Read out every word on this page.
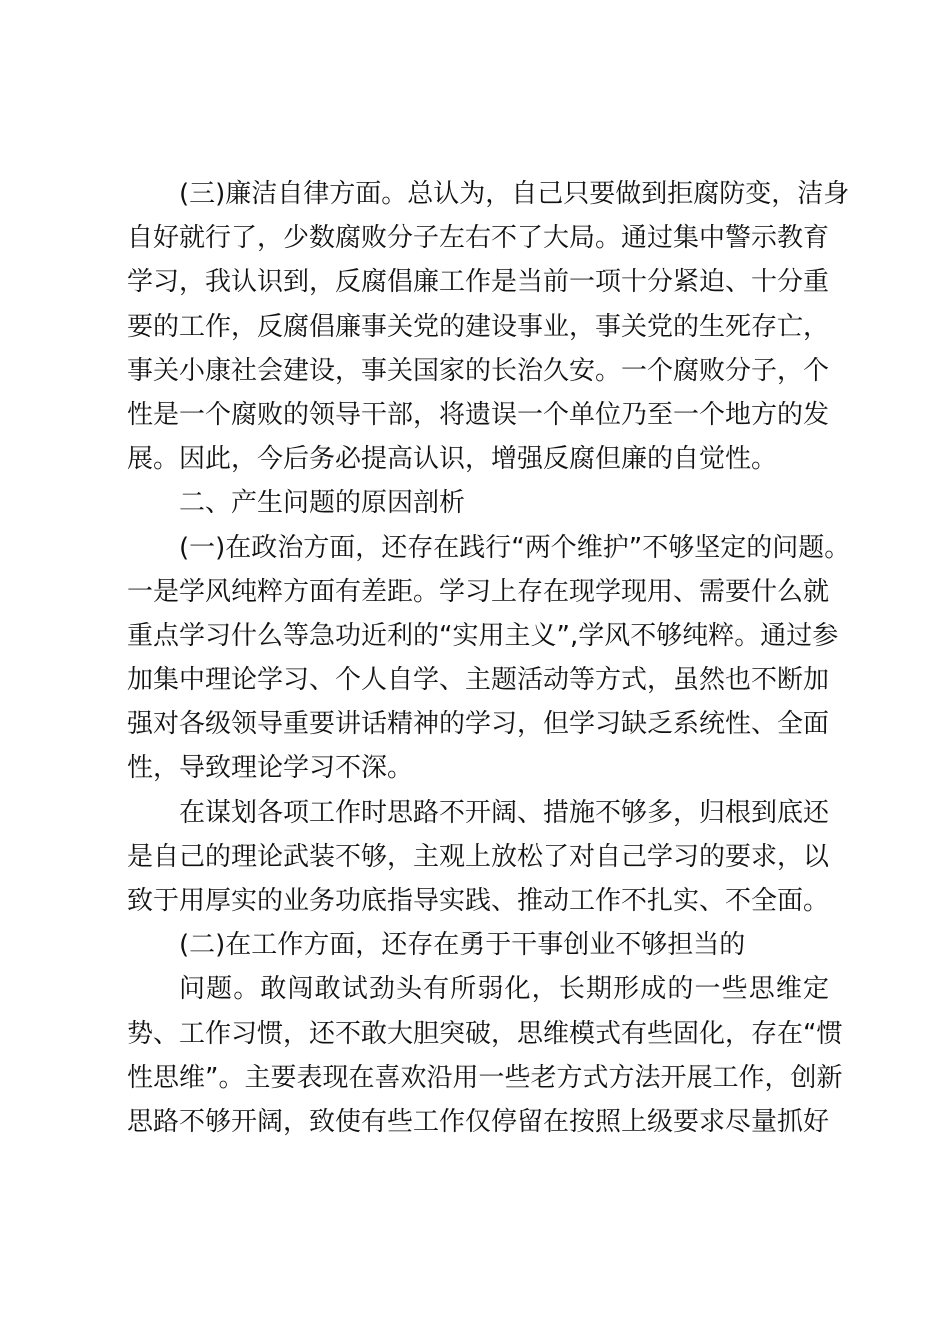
(三)廉洁自律方面。总认为，自己只要做到拒腐防变，洁身
自好就行了，少数腐败分子左右不了大局。通过集中警示教育
学习，我认识到，反腐倡廉工作是当前一项十分紧迫、十分重
要的工作，反腐倡廉事关党的建设事业，事关党的生死存亡，
事关小康社会建设，事关国家的长治久安。一个腐败分子，个
性是一个腐败的领导干部，将遗误一个单位乃至一个地方的发
展。因此，今后务必提高认识，增强反腐但廉的自觉性。
二、产生问题的原因剖析
(一)在政治方面，还存在践行“两个维护”不够坚定的问题。
一是学风纯粹方面有差距。学习上存在现学现用、需要什么就
重点学习什么等急功近利的“实用主义”,学风不够纯粹。通过参
加集中理论学习、个人自学、主题活动等方式，虽然也不断加
强对各级领导重要讲话精神的学习，但学习缺乏系统性、全面
性，导致理论学习不深。
在谋划各项工作时思路不开阔、措施不够多，归根到底还
是自己的理论武装不够，主观上放松了对自己学习的要求，以
致于用厚实的业务功底指导实践、推动工作不扎实、不全面。
(二)在工作方面，还存在勇于干事创业不够担当的
问题。敢闯敢试劲头有所弱化，长期形成的一些思维定
势、工作习惯，还不敢大胆突破，思维模式有些固化，存在“惯
性思维”。主要表现在喜欢沿用一些老方式方法开展工作，创新
思路不够开阔，致使有些工作仅停留在按照上级要求尽量抓好
